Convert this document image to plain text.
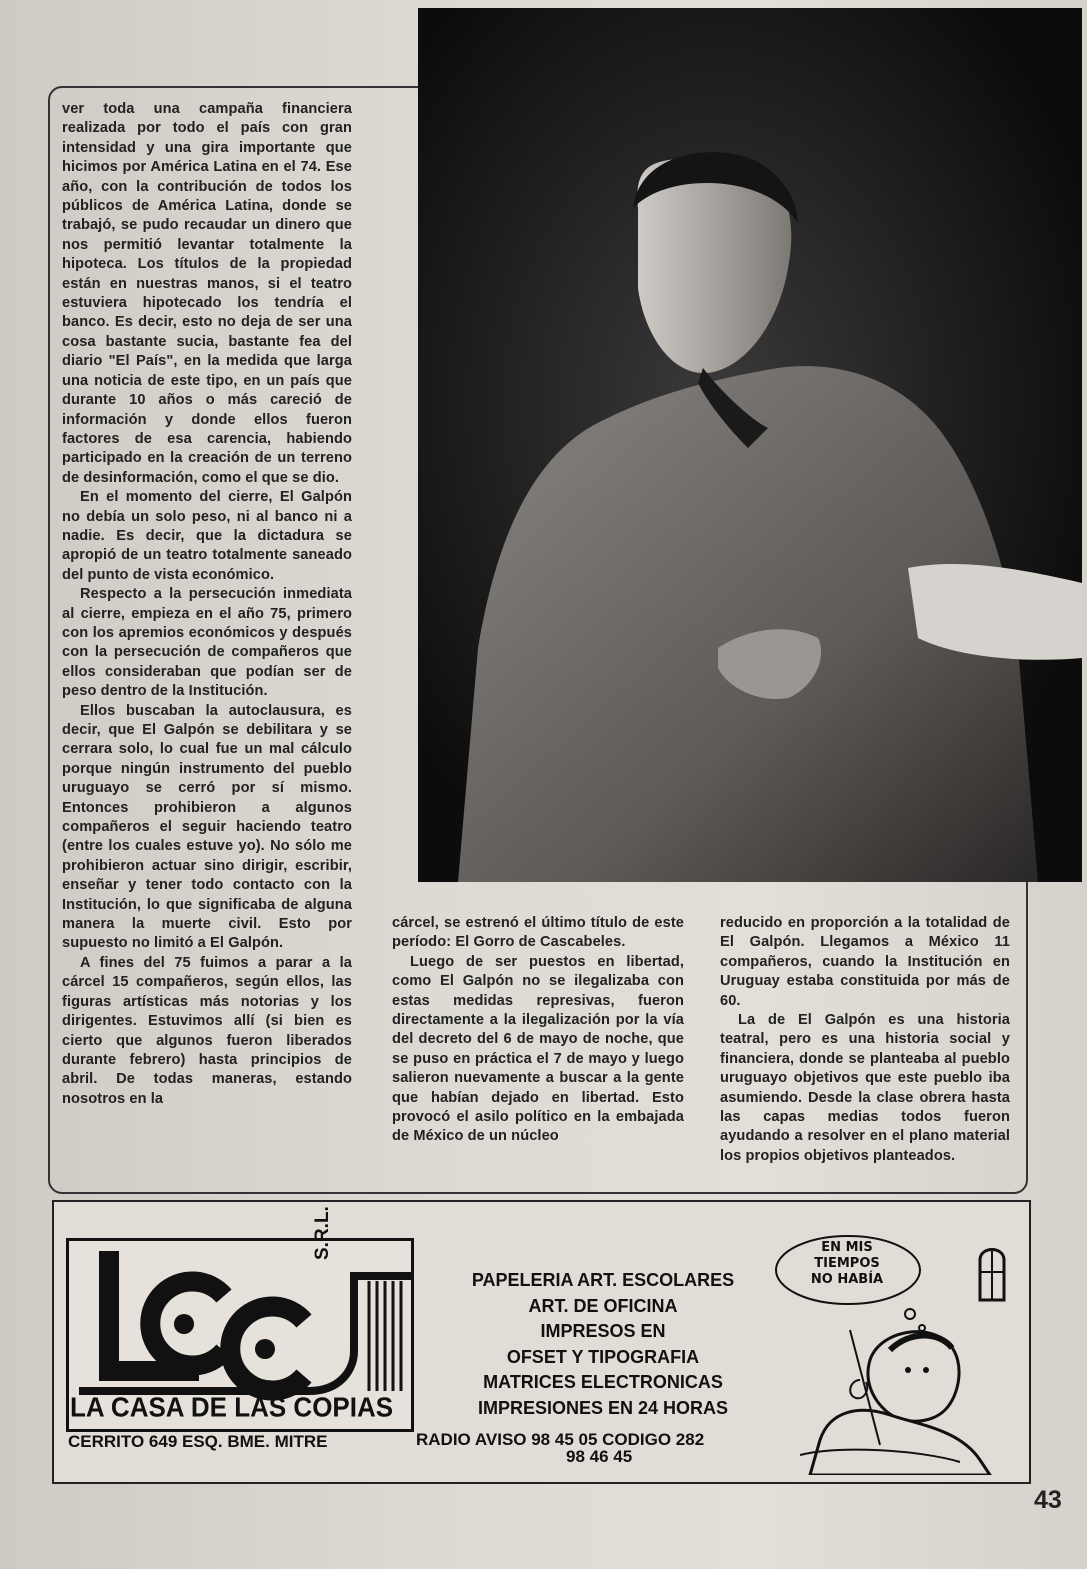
ver toda una campaña financiera realizada por todo el país con gran intensidad y una gira importante que hicimos por América Latina en el 74. Ese año, con la contribución de todos los públicos de América Latina, donde se trabajó, se pudo recaudar un dinero que nos permitió levantar totalmente la hipoteca. Los títulos de la propiedad están en nuestras manos, si el teatro estuviera hipotecado los tendría el banco. Es decir, esto no deja de ser una cosa bastante sucia, bastante fea del diario "El País", en la medida que larga una noticia de este tipo, en un país que durante 10 años o más careció de información y donde ellos fueron factores de esa carencia, habiendo participado en la creación de un terreno de desinformación, como el que se dio.

En el momento del cierre, El Galpón no debía un solo peso, ni al banco ni a nadie. Es decir, que la dictadura se apropió de un teatro totalmente saneado del punto de vista económico.

Respecto a la persecución inmediata al cierre, empieza en el año 75, primero con los apremios económicos y después con la persecución de compañeros que ellos consideraban que podían ser de peso dentro de la Institución.

Ellos buscaban la autoclausura, es decir, que El Galpón se debilitara y se cerrara solo, lo cual fue un mal cálculo porque ningún instrumento del pueblo uruguayo se cerró por sí mismo. Entonces prohibieron a algunos compañeros el seguir haciendo teatro (entre los cuales estuve yo). No sólo me prohibieron actuar sino dirigir, escribir, enseñar y tener todo contacto con la Institución, lo que significaba de alguna manera la muerte civil. Esto por supuesto no limitó a El Galpón.

A fines del 75 fuimos a parar a la cárcel 15 compañeros, según ellos, las figuras artísticas más notorias y los dirigentes. Estuvimos allí (si bien es cierto que algunos fueron liberados durante febrero) hasta principios de abril. De todas maneras, estando nosotros en la

cárcel, se estrenó el último título de este período: El Gorro de Cascabeles.

Luego de ser puestos en libertad, como El Galpón no se ilegalizaba con estas medidas represivas, fueron directamente a la ilegalización por la vía del decreto del 6 de mayo de noche, que se puso en práctica el 7 de mayo y luego salieron nuevamente a buscar a la gente que habían dejado en libertad. Esto provocó el asilo político en la embajada de México de un núcleo

reducido en proporción a la totalidad de El Galpón. Llegamos a México 11 compañeros, cuando la Institución en Uruguay estaba constituida por más de 60.

La de El Galpón es una historia teatral, pero es una historia social y financiera, donde se planteaba al pueblo uruguayo objetivos que este pueblo iba asumiendo. Desde la clase obrera hasta las capas medias todos fueron ayudando a resolver en el plano material los propios objetivos planteados.

LA CASA DE LAS COPIAS
S.R.L.
CERRITO 649 ESQ. BME. MITRE
PAPELERIA ART. ESCOLARES
ART. DE OFICINA
IMPRESOS EN
OFSET Y TIPOGRAFIA
MATRICES ELECTRONICAS
IMPRESIONES EN 24 HORAS
RADIO AVISO 98 45 05 CODIGO 282
98 46 45
EN MIS
TIEMPOS
NO HABÍA
43
